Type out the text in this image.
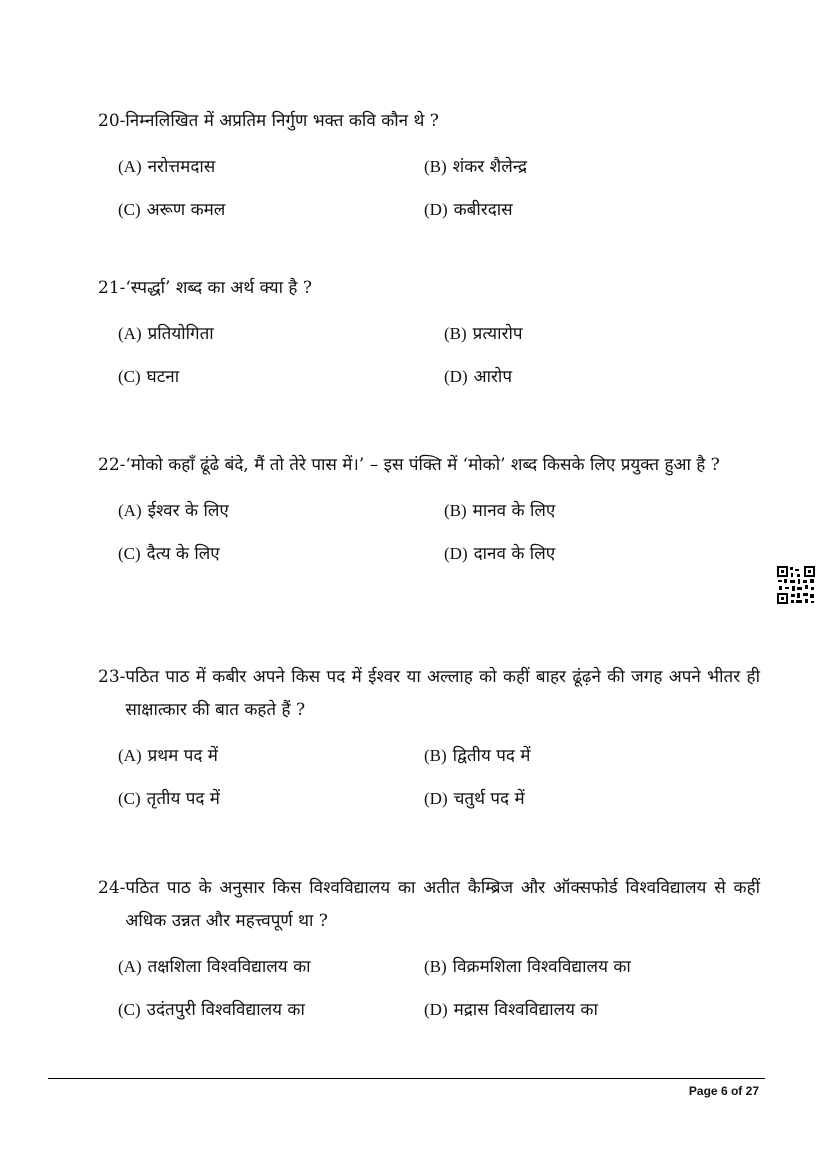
20- निम्नलिखित में अप्रतिम निर्गुण भक्त कवि कौन थे ?
(A) नरोत्तमदास	(B) शंकर शैलेन्द्र
(C) अरूण कमल	(D) कबीरदास
21- ‘स्पर्द्धा’ शब्द का अर्थ क्या है ?
(A) प्रतियोगिता	(B) प्रत्यारोप
(C) घटना	(D) आरोप
22- ‘मोको कहाँ ढूंढे बंदे, मैं तो तेरे पास में।’ – इस पंक्ति में ‘मोको’ शब्द किसके लिए प्रयुक्त हुआ है ?
(A) ईश्वर के लिए	(B) मानव के लिए
(C) दैत्य के लिए	(D) दानव के लिए
23- पठित पाठ में कबीर अपने किस पद में ईश्वर या अल्लाह को कहीं बाहर ढूंढ़ने की जगह अपने भीतर ही साक्षात्कार की बात कहते हैं ?
(A) प्रथम पद में	(B) द्वितीय पद में
(C) तृतीय पद में	(D) चतुर्थ पद में
24- पठित पाठ के अनुसार किस विश्वविद्यालय का अतीत कैम्ब्रिज और ऑक्सफोर्ड विश्वविद्यालय से कहीं अधिक उन्नत और महत्त्वपूर्ण था ?
(A) तक्षशिला विश्वविद्यालय का	(B) विक्रमशिला विश्वविद्यालय का
(C) उदंतपुरी विश्वविद्यालय का	(D) मद्रास विश्वविद्यालय का
Page 6 of 27
